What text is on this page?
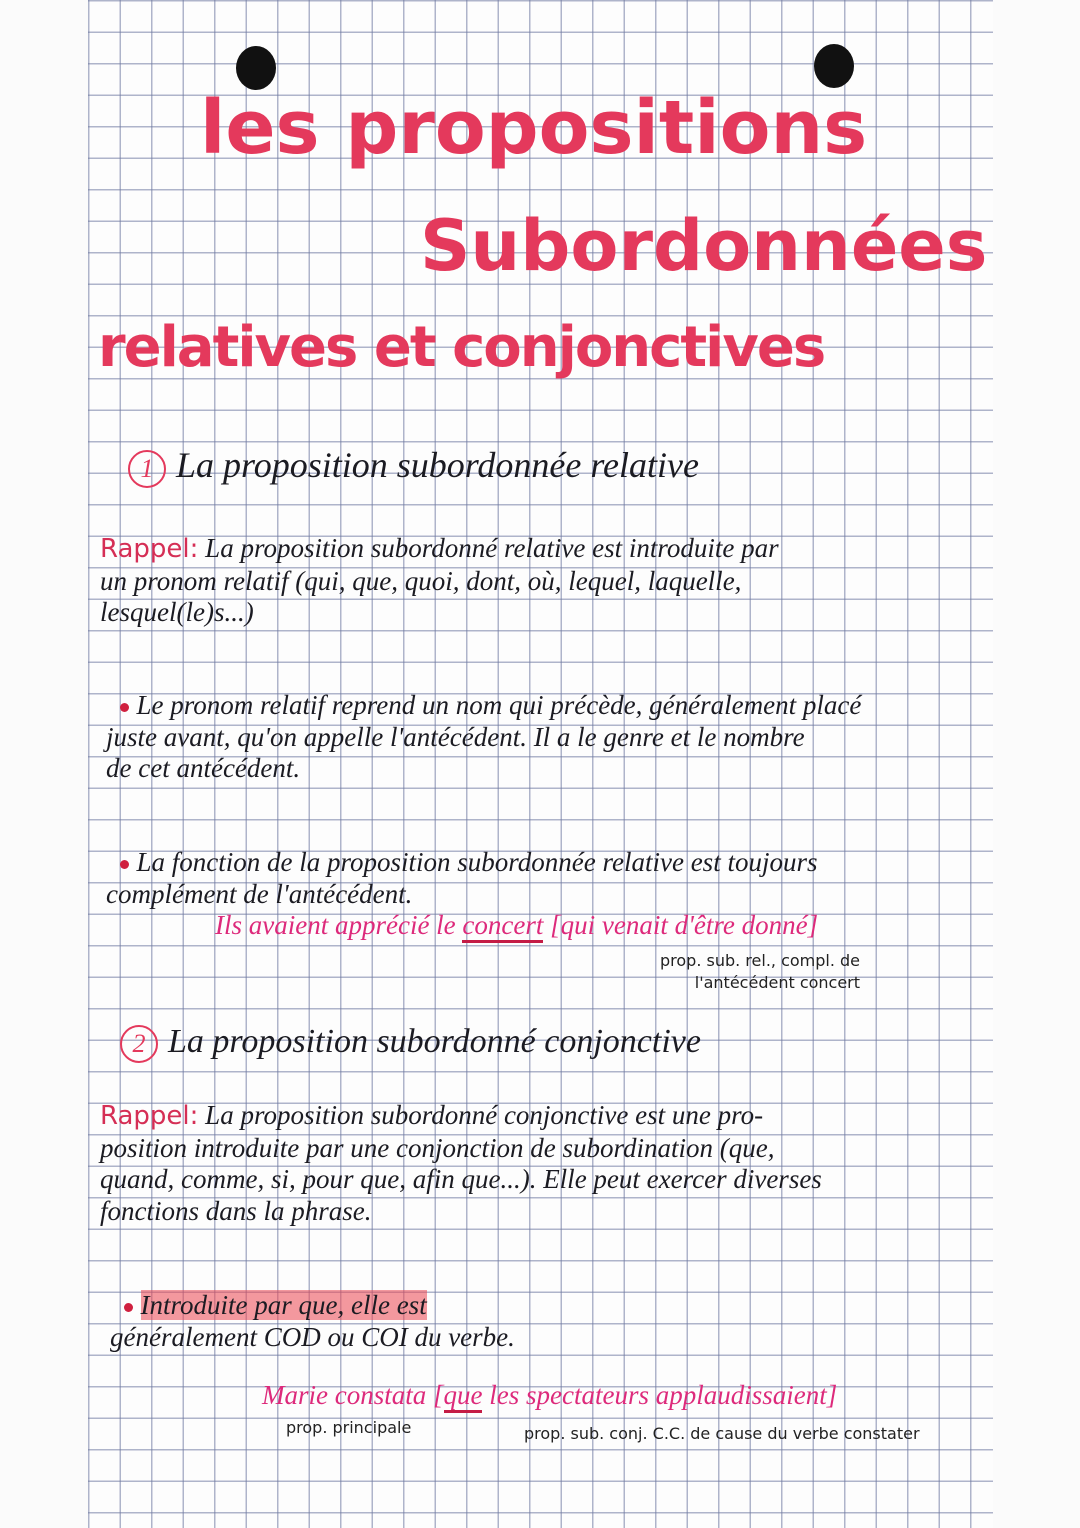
les propositions
Subordonnées
relatives et conjonctives
1 La proposition subordonnée relative
Rappel: La proposition subordonné relative est introduite par
un pronom relatif (qui, que, quoi, dont, où, lequel, laquelle,
lesquel(le)s...)
Le pronom relatif reprend un nom qui précède, généralement placé
juste avant, qu'on appelle l'antécédent. Il a le genre et le nombre
de cet antécédent.
La fonction de la proposition subordonnée relative est toujours
complément de l'antécédent.
Ils avaient apprécié le concert [qui venait d'être donné]
prop. sub. rel., compl. de
l'antécédent concert
2 La proposition subordonné conjonctive
Rappel: La proposition subordonné conjonctive est une pro-
position introduite par une conjonction de subordination (que,
quand, comme, si, pour que, afin que...). Elle peut exercer diverses
fonctions dans la phrase.
Introduite par que, elle est
généralement COD ou COI du verbe.
Marie constata [que les spectateurs applaudissaient]
prop. principale	prop. sub. conj. C.C. de cause du verbe constater
